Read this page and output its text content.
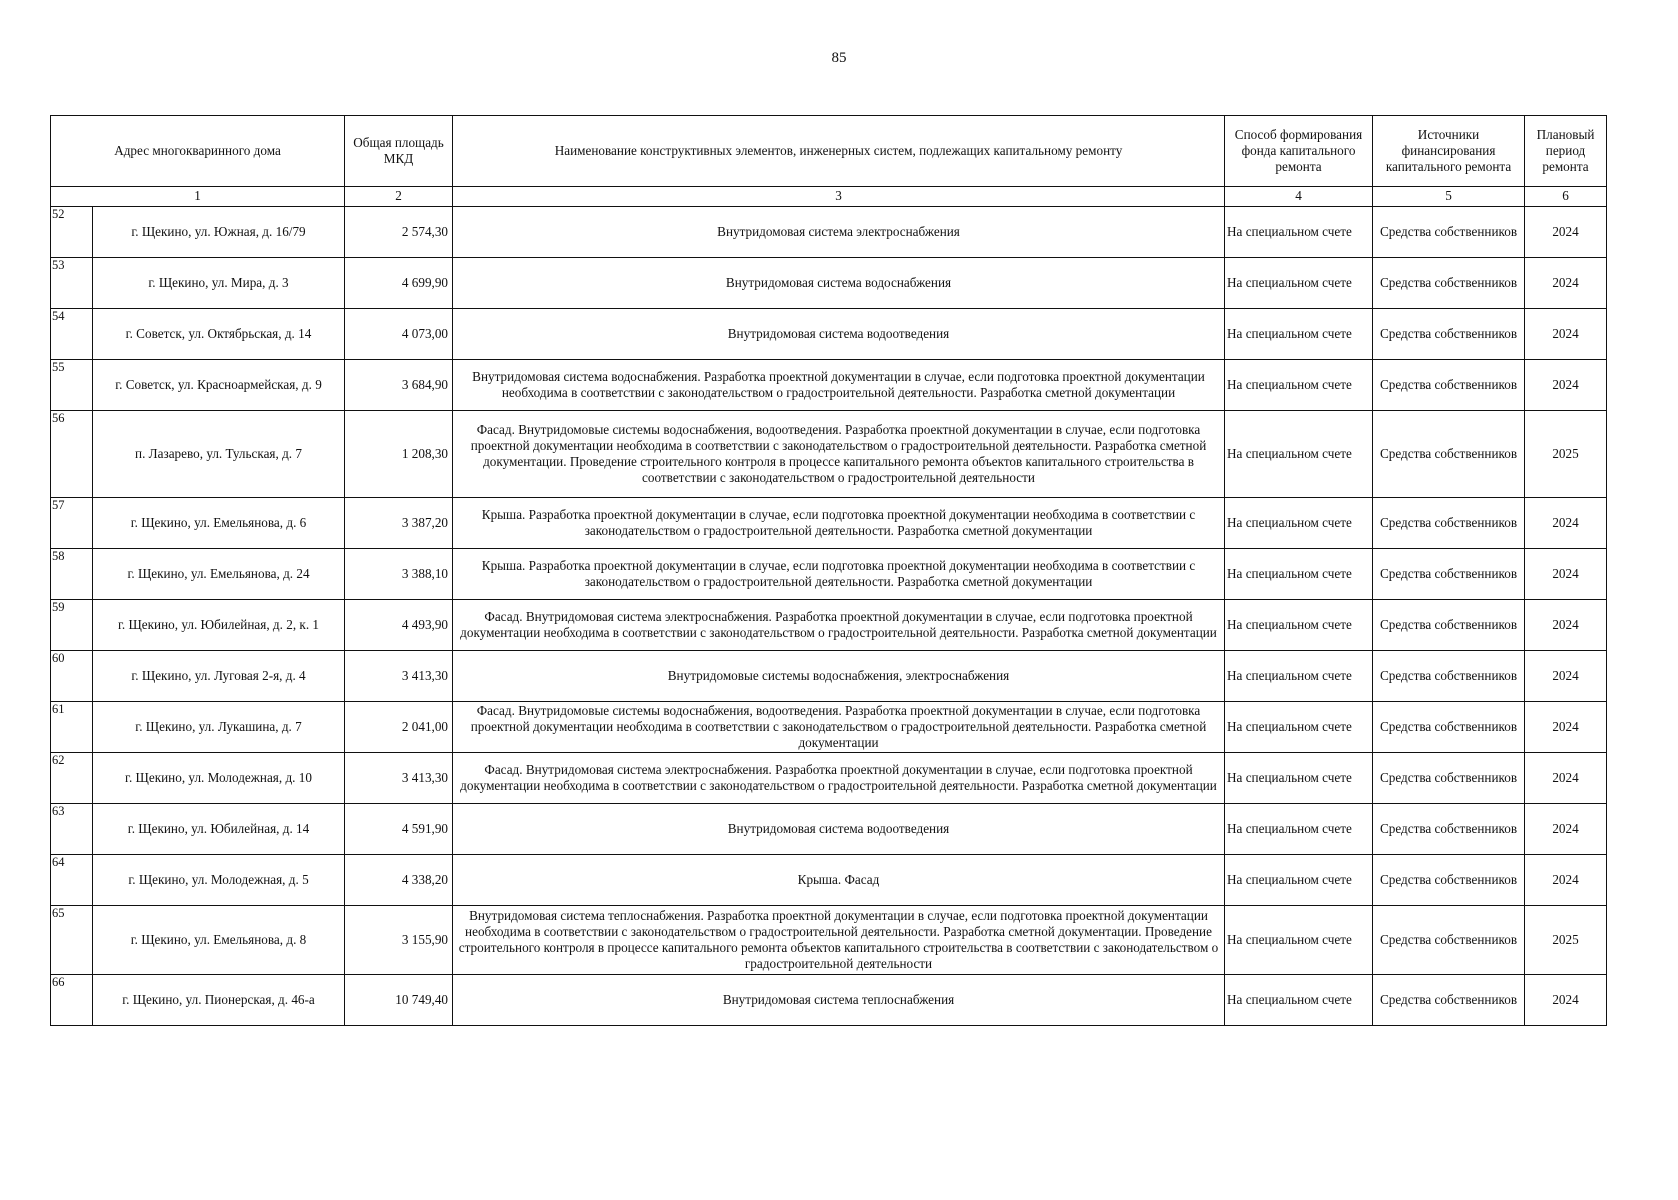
85
Адрес многокваринного дома		Общая площадь МКД	Наименование конструктивных элементов, инженерных систем, подлежащих капитальному ремонту	Способ формирования фонда капитального ремонта	Источники финансирования капитального ремонта	Плановый период ремонта
1		2	3	4	5	6
52	г. Щекино, ул. Южная, д. 16/79	2 574,30	Внутридомовая система электроснабжения	На специальном счете	Средства собственников	2024
53	г. Щекино, ул. Мира, д. 3	4 699,90	Внутридомовая система водоснабжения	На специальном счете	Средства собственников	2024
54	г. Советск, ул. Октябрьская, д. 14	4 073,00	Внутридомовая система водоотведения	На специальном счете	Средства собственников	2024
55	г. Советск, ул. Красноармейская, д. 9	3 684,90	Внутридомовая система водоснабжения. Разработка проектной документации в случае, если подготовка проектной документации необходима в соответствии с законодательством о градостроительной деятельности. Разработка сметной документации	На специальном счете	Средства собственников	2024
56	п. Лазарево, ул. Тульская, д. 7	1 208,30	Фасад. Внутридомовые системы водоснабжения, водоотведения. Разработка проектной документации в случае, если подготовка проектной документации необходима в соответствии с законодательством о градостроительной деятельности. Разработка сметной документации. Проведение строительного контроля в процессе капитального ремонта объектов капитального строительства в соответствии с законодательством о градостроительной деятельности	На специальном счете	Средства собственников	2025
57	г. Щекино, ул. Емельянова, д. 6	3 387,20	Крыша. Разработка проектной документации в случае, если подготовка проектной документации необходима в соответствии с законодательством о градостроительной деятельности. Разработка сметной документации	На специальном счете	Средства собственников	2024
58	г. Щекино, ул. Емельянова, д. 24	3 388,10	Крыша. Разработка проектной документации в случае, если подготовка проектной документации необходима в соответствии с законодательством о градостроительной деятельности. Разработка сметной документации	На специальном счете	Средства собственников	2024
59	г. Щекино, ул. Юбилейная, д. 2, к. 1	4 493,90	Фасад. Внутридомовая система электроснабжения. Разработка проектной документации в случае, если подготовка проектной документации необходима в соответствии с законодательством о градостроительной деятельности. Разработка сметной документации	На специальном счете	Средства собственников	2024
60	г. Щекино, ул. Луговая 2-я, д. 4	3 413,30	Внутридомовые системы водоснабжения, электроснабжения	На специальном счете	Средства собственников	2024
61	г. Щекино, ул. Лукашина, д. 7	2 041,00	Фасад. Внутридомовые системы водоснабжения, водоотведения. Разработка проектной документации в случае, если подготовка проектной документации необходима в соответствии с законодательством о градостроительной деятельности. Разработка сметной документации	На специальном счете	Средства собственников	2024
62	г. Щекино, ул. Молодежная, д. 10	3 413,30	Фасад. Внутридомовая система электроснабжения. Разработка проектной документации в случае, если подготовка проектной документации необходима в соответствии с законодательством о градостроительной деятельности. Разработка сметной документации	На специальном счете	Средства собственников	2024
63	г. Щекино, ул. Юбилейная, д. 14	4 591,90	Внутридомовая система водоотведения	На специальном счете	Средства собственников	2024
64	г. Щекино, ул. Молодежная, д. 5	4 338,20	Крыша. Фасад	На специальном счете	Средства собственников	2024
65	г. Щекино, ул. Емельянова, д. 8	3 155,90	Внутридомовая система теплоснабжения. Разработка проектной документации в случае, если подготовка проектной документации необходима в соответствии с законодательством о градостроительной деятельности. Разработка сметной документации. Проведение строительного контроля в процессе капитального ремонта объектов капитального строительства в соответствии с законодательством о градостроительной деятельности	На специальном счете	Средства собственников	2025
66	г. Щекино, ул. Пионерская, д. 46-а	10 749,40	Внутридомовая система теплоснабжения	На специальном счете	Средства собственников	2024
